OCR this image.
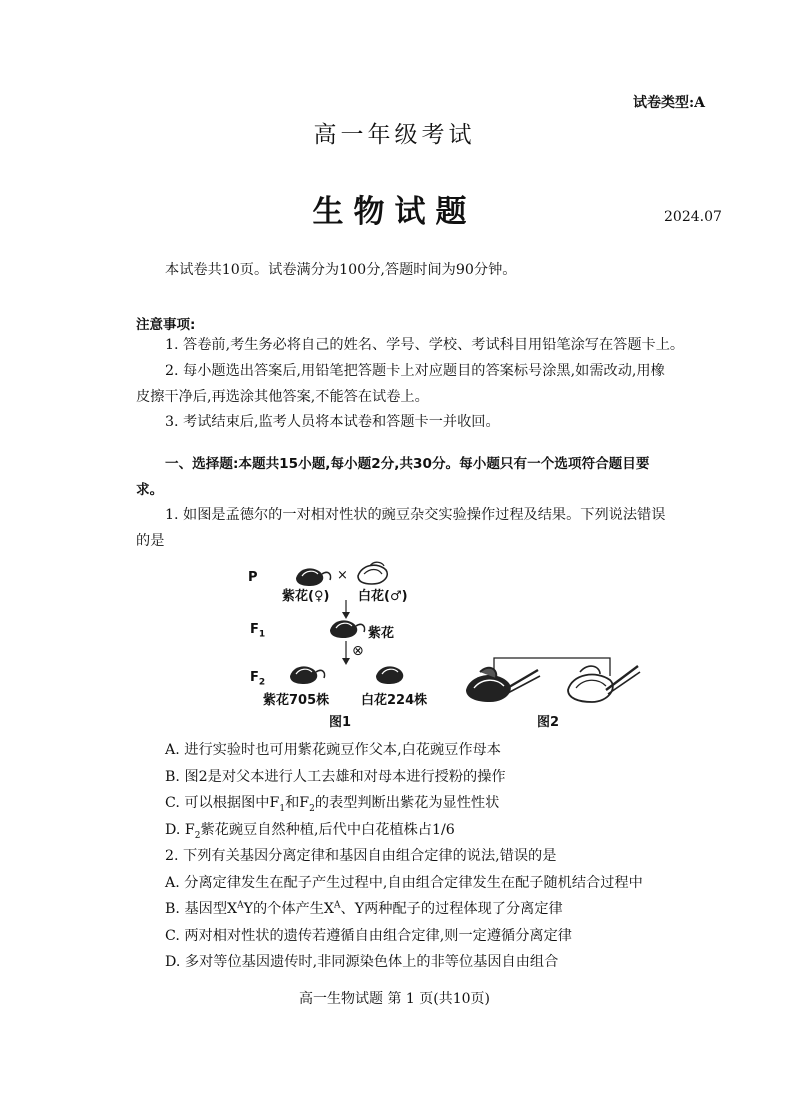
试卷类型:A
高一年级考试
生物试题	2024.07
本试卷共10页。试卷满分为100分,答题时间为90分钟。
注意事项:
1. 答卷前,考生务必将自己的姓名、学号、学校、考试科目用铅笔涂写在答题卡上。
2. 每小题选出答案后,用铅笔把答题卡上对应题目的答案标号涂黑,如需改动,用橡
皮擦干净后,再选涂其他答案,不能答在试卷上。
3. 考试结束后,监考人员将本试卷和答题卡一并收回。
一、选择题:本题共15小题,每小题2分,共30分。每小题只有一个选项符合题目要
求。
1. 如图是孟德尔的一对相对性状的豌豆杂交实验操作过程及结果。下列说法错误
的是
P	×
紫花(♀) 白花(♂)
$F_1$	紫花
⊗
$F_2$
紫花705株 白花224株
图1	图2
A. 进行实验时也可用紫花豌豆作父本,白花豌豆作母本
B. 图2是对父本进行人工去雄和对母本进行授粉的操作
C. 可以根据图中$F_1$和$F_2$的表型判断出紫花为显性性状
D. $F_2$紫花豌豆自然种植,后代中白花植株占1/6
2. 下列有关基因分离定律和基因自由组合定律的说法,错误的是
A. 分离定律发生在配子产生过程中,自由组合定律发生在配子随机结合过程中
B. 基因型$X^AY$的个体产生$X^A$、Y两种配子的过程体现了分离定律
C. 两对相对性状的遗传若遵循自由组合定律,则一定遵循分离定律
D. 多对等位基因遗传时,非同源染色体上的非等位基因自由组合
高一生物试题 第 1 页(共10页)
